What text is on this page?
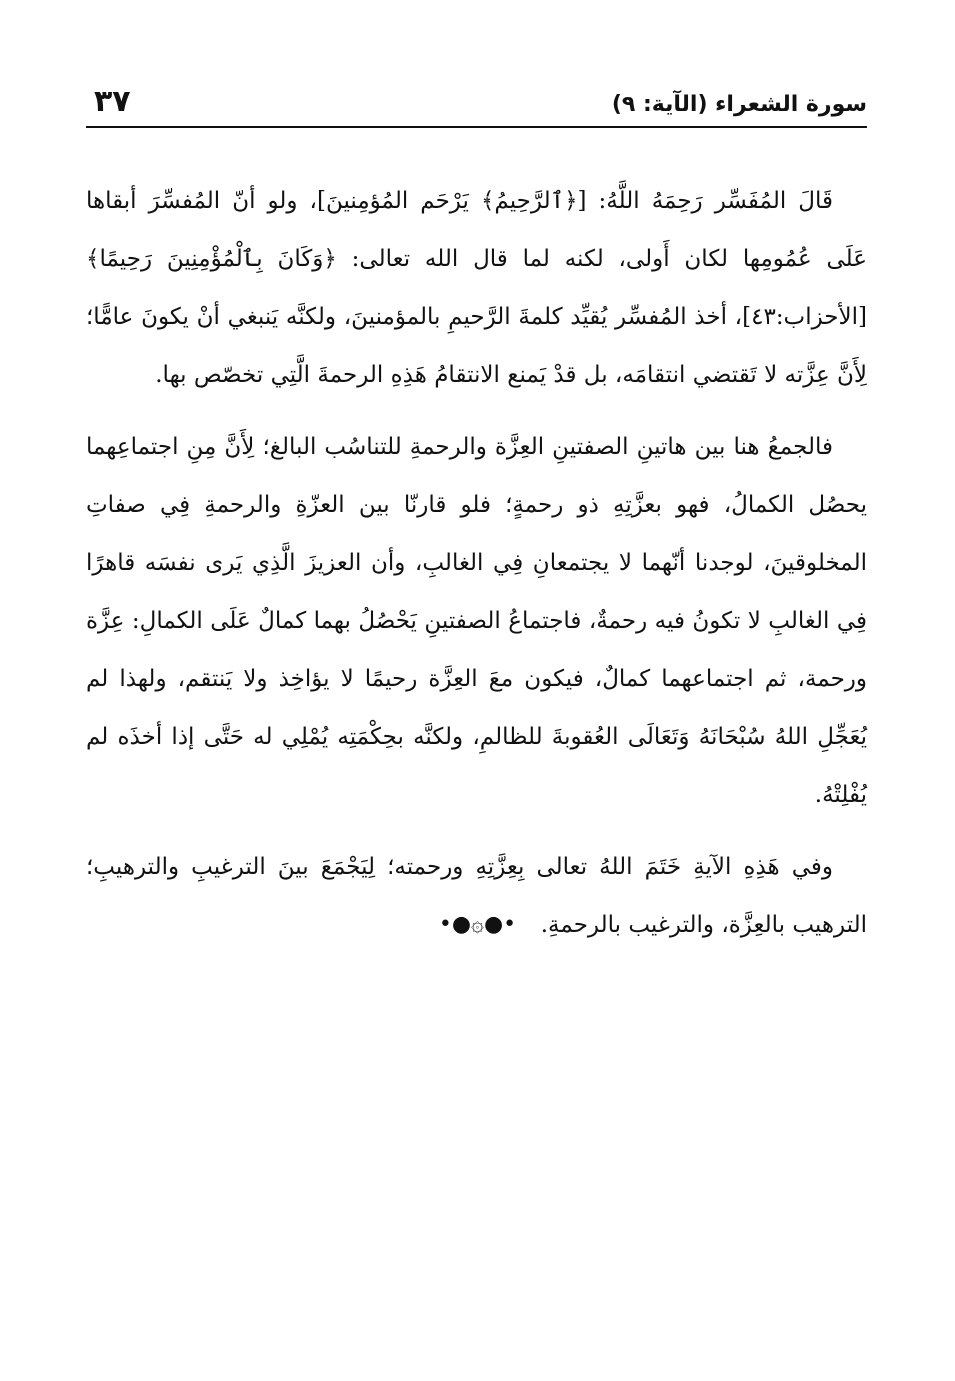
سورة الشعراء (الآية: ٩)
٣٧

قَالَ المُفَسِّر رَحِمَهُ اللَّهُ: [﴿ٱلرَّحِيمُ﴾ يَرْحَم المُؤمِنينَ]، ولو أنّ المُفسِّرَ أبقاها عَلَى عُمُومِها لكان أَولى، لكنه لما قال الله تعالى: ﴿وَكَانَ بِٱلْمُؤْمِنِينَ رَحِيمًا﴾ [الأحزاب:٤٣]، أخذ المُفسِّر يُقيِّد كلمةَ الرَّحيمِ بالمؤمنينَ، ولكنَّه يَنبغي أنْ يكونَ عامًّا؛ لِأَنَّ عِزَّته لا تَقتضي انتقامَه، بل قدْ يَمنع الانتقامُ هَذِهِ الرحمةَ الَّتِي تخصّص بها.

فالجمعُ هنا بين هاتينِ الصفتينِ العِزَّة والرحمةِ للتناسُب البالغ؛ لِأَنَّ مِنِ اجتماعِهما يحصُل الكمالُ، فهو بعزَّتِهِ ذو رحمةٍ؛ فلو قارنّا بين العزّةِ والرحمةِ فِي صفاتِ المخلوقينَ، لوجدنا أنّهما لا يجتمعانِ فِي الغالبِ، وأن العزيزَ الَّذِي يَرى نفسَه قاهرًا فِي الغالبِ لا تكونُ فيه رحمةٌ، فاجتماعُ الصفتينِ يَحْصُلُ بهما كمالٌ عَلَى الكمالِ: عِزَّة ورحمة، ثم اجتماعهما كمالٌ، فيكون معَ العِزَّة رحيمًا لا يؤاخِذ ولا يَنتقم، ولهذا لم يُعَجِّلِ اللهُ سُبْحَانَهُ وَتَعَالَى العُقوبةَ للظالمِ، ولكنَّه بحِكْمَتِه يُمْلِي له حَتَّى إذا أخذَه لم يُفْلِتْهُ.

وفي هَذِهِ الآيةِ خَتَمَ اللهُ تعالى بِعِزَّتِهِ ورحمته؛ لِيَجْمَعَ بينَ الترغيبِ والترهيبِ؛ الترهيب بالعِزَّة، والترغيب بالرحمةِ.

•●۞●•
